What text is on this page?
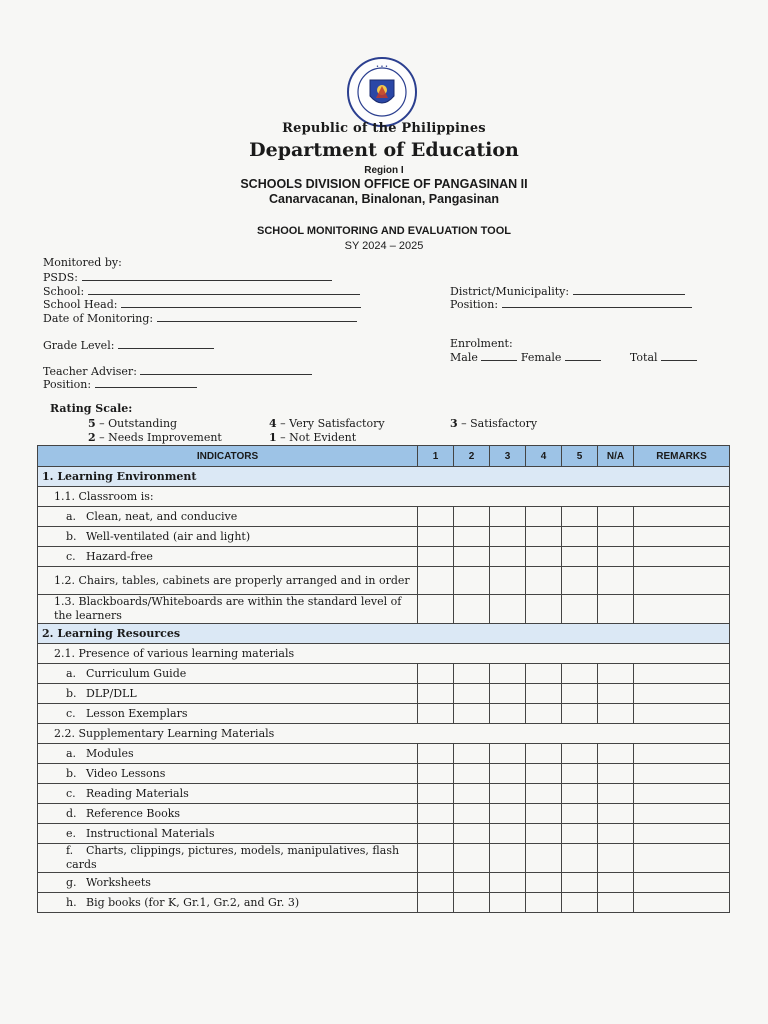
• • •
Republic of the Philippines
Department of Education
Region I
SCHOOLS DIVISION OFFICE OF PANGASINAN II
Canarvacanan, Binalonan, Pangasinan
SCHOOL MONITORING AND EVALUATION TOOL
SY 2024 – 2025
Monitored by:
PSDS:
School:
School Head:
Date of Monitoring:
District/Municipality:
Position:
Grade Level:	Enrolment:
Male	Female	Total
Teacher Adviser:
Position:
Rating Scale:
5 – Outstanding	4 – Very Satisfactory	3 – Satisfactory
2 – Needs Improvement	1 – Not Evident
INDICATORS	1	2	3	4	5	N/A	REMARKS
1. Learning Environment							
1.1. Classroom is:							
a. Clean, neat, and conducive							
b. Well-ventilated (air and light)							
c. Hazard-free							
1.2. Chairs, tables, cabinets are properly arranged and in order							
1.3. Blackboards/Whiteboards are within the standard level of the learners							
2. Learning Resources							
2.1. Presence of various learning materials							
a. Curriculum Guide							
b. DLP/DLL							
c. Lesson Exemplars							
2.2. Supplementary Learning Materials							
a. Modules							
b. Video Lessons							
c. Reading Materials							
d. Reference Books							
e. Instructional Materials							
f. Charts, clippings, pictures, models, manipulatives, flash cards							
g. Worksheets							
h. Big books (for K, Gr.1, Gr.2, and Gr. 3)							
